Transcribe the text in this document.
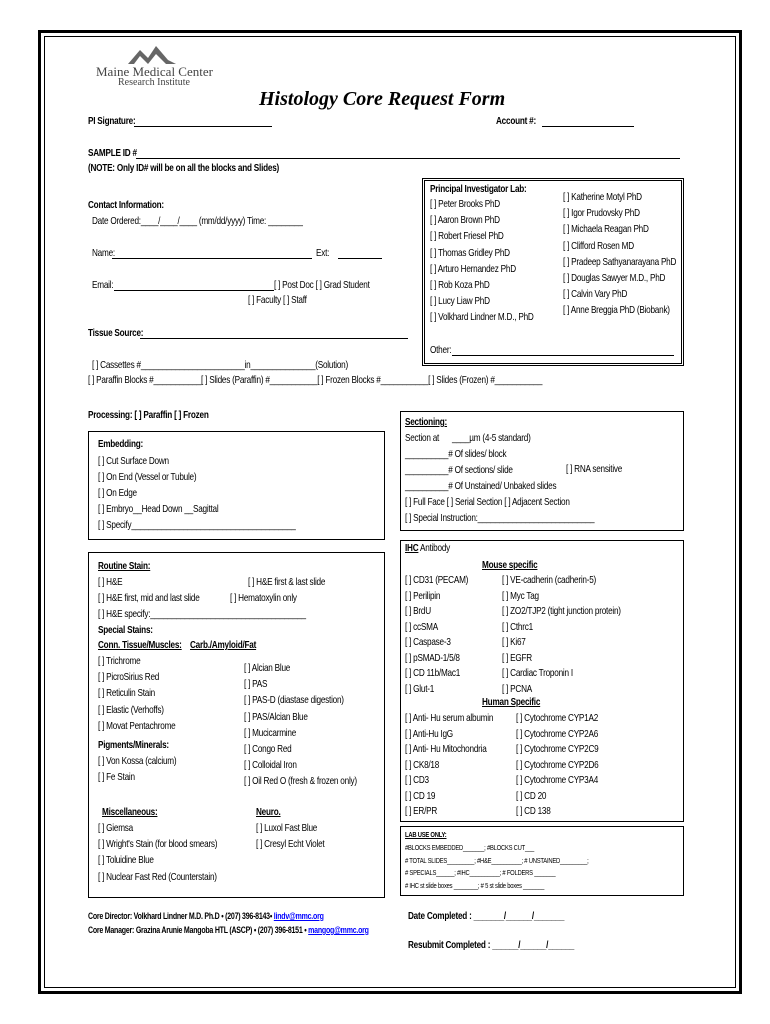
Maine Medical Center
Research Institute
Histology Core Request Form
PI Signature:	Account #:
SAMPLE ID #
(NOTE: Only ID# will be on all the blocks and Slides)
Contact Information:
Date Ordered:____/____/____ (mm/dd/yyyy) Time: ________
Name:	Ext:
Email:	[ ] Post Doc [ ] Grad Student
[ ] Faculty [ ] Staff
Principal Investigator Lab:
[ ] Peter Brooks PhD
[ ] Aaron Brown PhD
[ ] Robert Friesel PhD
[ ] Thomas Gridley PhD
[ ] Arturo Hernandez PhD
[ ] Rob Koza PhD
[ ] Lucy Liaw PhD
[ ] Volkhard Lindner M.D., PhD
[ ] Katherine Motyl PhD
[ ] Igor Prudovsky PhD
[ ] Michaela Reagan PhD
[ ] Clifford Rosen MD
[ ] Pradeep Sathyanarayana PhD
[ ] Douglas Sawyer M.D., PhD
[ ] Calvin Vary PhD
[ ] Anne Breggia PhD (Biobank)
Other:
Tissue Source:
[ ] Cassettes #________________________in_______________(Solution)
[ ] Paraffin Blocks #___________[ ] Slides (Paraffin) #___________[ ] Frozen Blocks #___________[ ] Slides (Frozen) #___________
Processing: [ ] Paraffin [ ] Frozen
Embedding:
[ ] Cut Surface Down
[ ] On End (Vessel or Tubule)
[ ] On Edge
[ ] Embryo__Head Down __Sagittal
[ ] Specify______________________________________
Sectioning:
Section at ____µm (4-5 standard)
__________# Of slides/ block
__________# Of sections/ slide
__________# Of Unstained/ Unbaked slides
[ ] RNA sensitive
[ ] Full Face [ ] Serial Section [ ] Adjacent Section
[ ] Special Instruction:___________________________
Routine Stain:
[ ] H&E	[ ] H&E first & last slide
[ ] H&E first, mid and last slide	[ ] Hematoxylin only
[ ] H&E specify:____________________________________
Special Stains:
Conn. Tissue/Muscles: Carb./Amyloid/Fat
[ ] Trichrome
[ ] PicroSirius Red
[ ] Reticulin Stain
[ ] Elastic (Verhoffs)
[ ] Movat Pentachrome
Pigments/Minerals:
[ ] Von Kossa (calcium)
[ ] Fe Stain
[ ] Alcian Blue
[ ] PAS
[ ] PAS-D (diastase digestion)
[ ] PAS/Alcian Blue
[ ] Mucicarmine
[ ] Congo Red
[ ] Colloidal Iron
[ ] Oil Red O (fresh & frozen only)
Miscellaneous:	Neuro.
[ ] Giemsa
[ ] Wright's Stain (for blood smears)
[ ] Toluidine Blue
[ ] Nuclear Fast Red (Counterstain)
[ ] Luxol Fast Blue
[ ] Cresyl Echt Violet
IHC Antibody
Mouse specific
[ ] CD31 (PECAM)
[ ] Perilipin
[ ] BrdU
[ ] ccSMA
[ ] Caspase-3
[ ] pSMAD-1/5/8
[ ] CD 11b/Mac1
[ ] Glut-1
[ ] VE-cadherin (cadherin-5)
[ ] Myc Tag
[ ] ZO2/TJP2 (tight junction protein)
[ ] Cthrc1
[ ] Ki67
[ ] EGFR
[ ] Cardiac Troponin I
[ ] PCNA
Human Specific
[ ] Anti- Hu serum albumin
[ ] Anti-Hu IgG
[ ] Anti- Hu Mitochondria
[ ] CK8/18
[ ] CD3
[ ] CD 19
[ ] ER/PR
[ ] Cytochrome CYP1A2
[ ] Cytochrome CYP2A6
[ ] Cytochrome CYP2C9
[ ] Cytochrome CYP2D6
[ ] Cytochrome CYP3A4
[ ] CD 20
[ ] CD 138
LAB USE ONLY:
#BLOCKS EMBEDDED_______; #BLOCKS CUT___
# TOTAL SLIDES_________; #H&E__________; # UNSTAINED_________;
# SPECIALS______; #IHC__________; # FOLDERS _______
# IHC st slide boxes ________; # 5 st slide boxes _______
Core Director: Volkhard Lindner M.D. Ph.D • (207) 396-8143• lindv@mmc.org
Core Manager: Grazina Arunie Mangoba HTL (ASCP) • (207) 396-8151 • mangog@mmc.org
Date Completed : _______/______/_______
Resubmit Completed : ______/______/______
